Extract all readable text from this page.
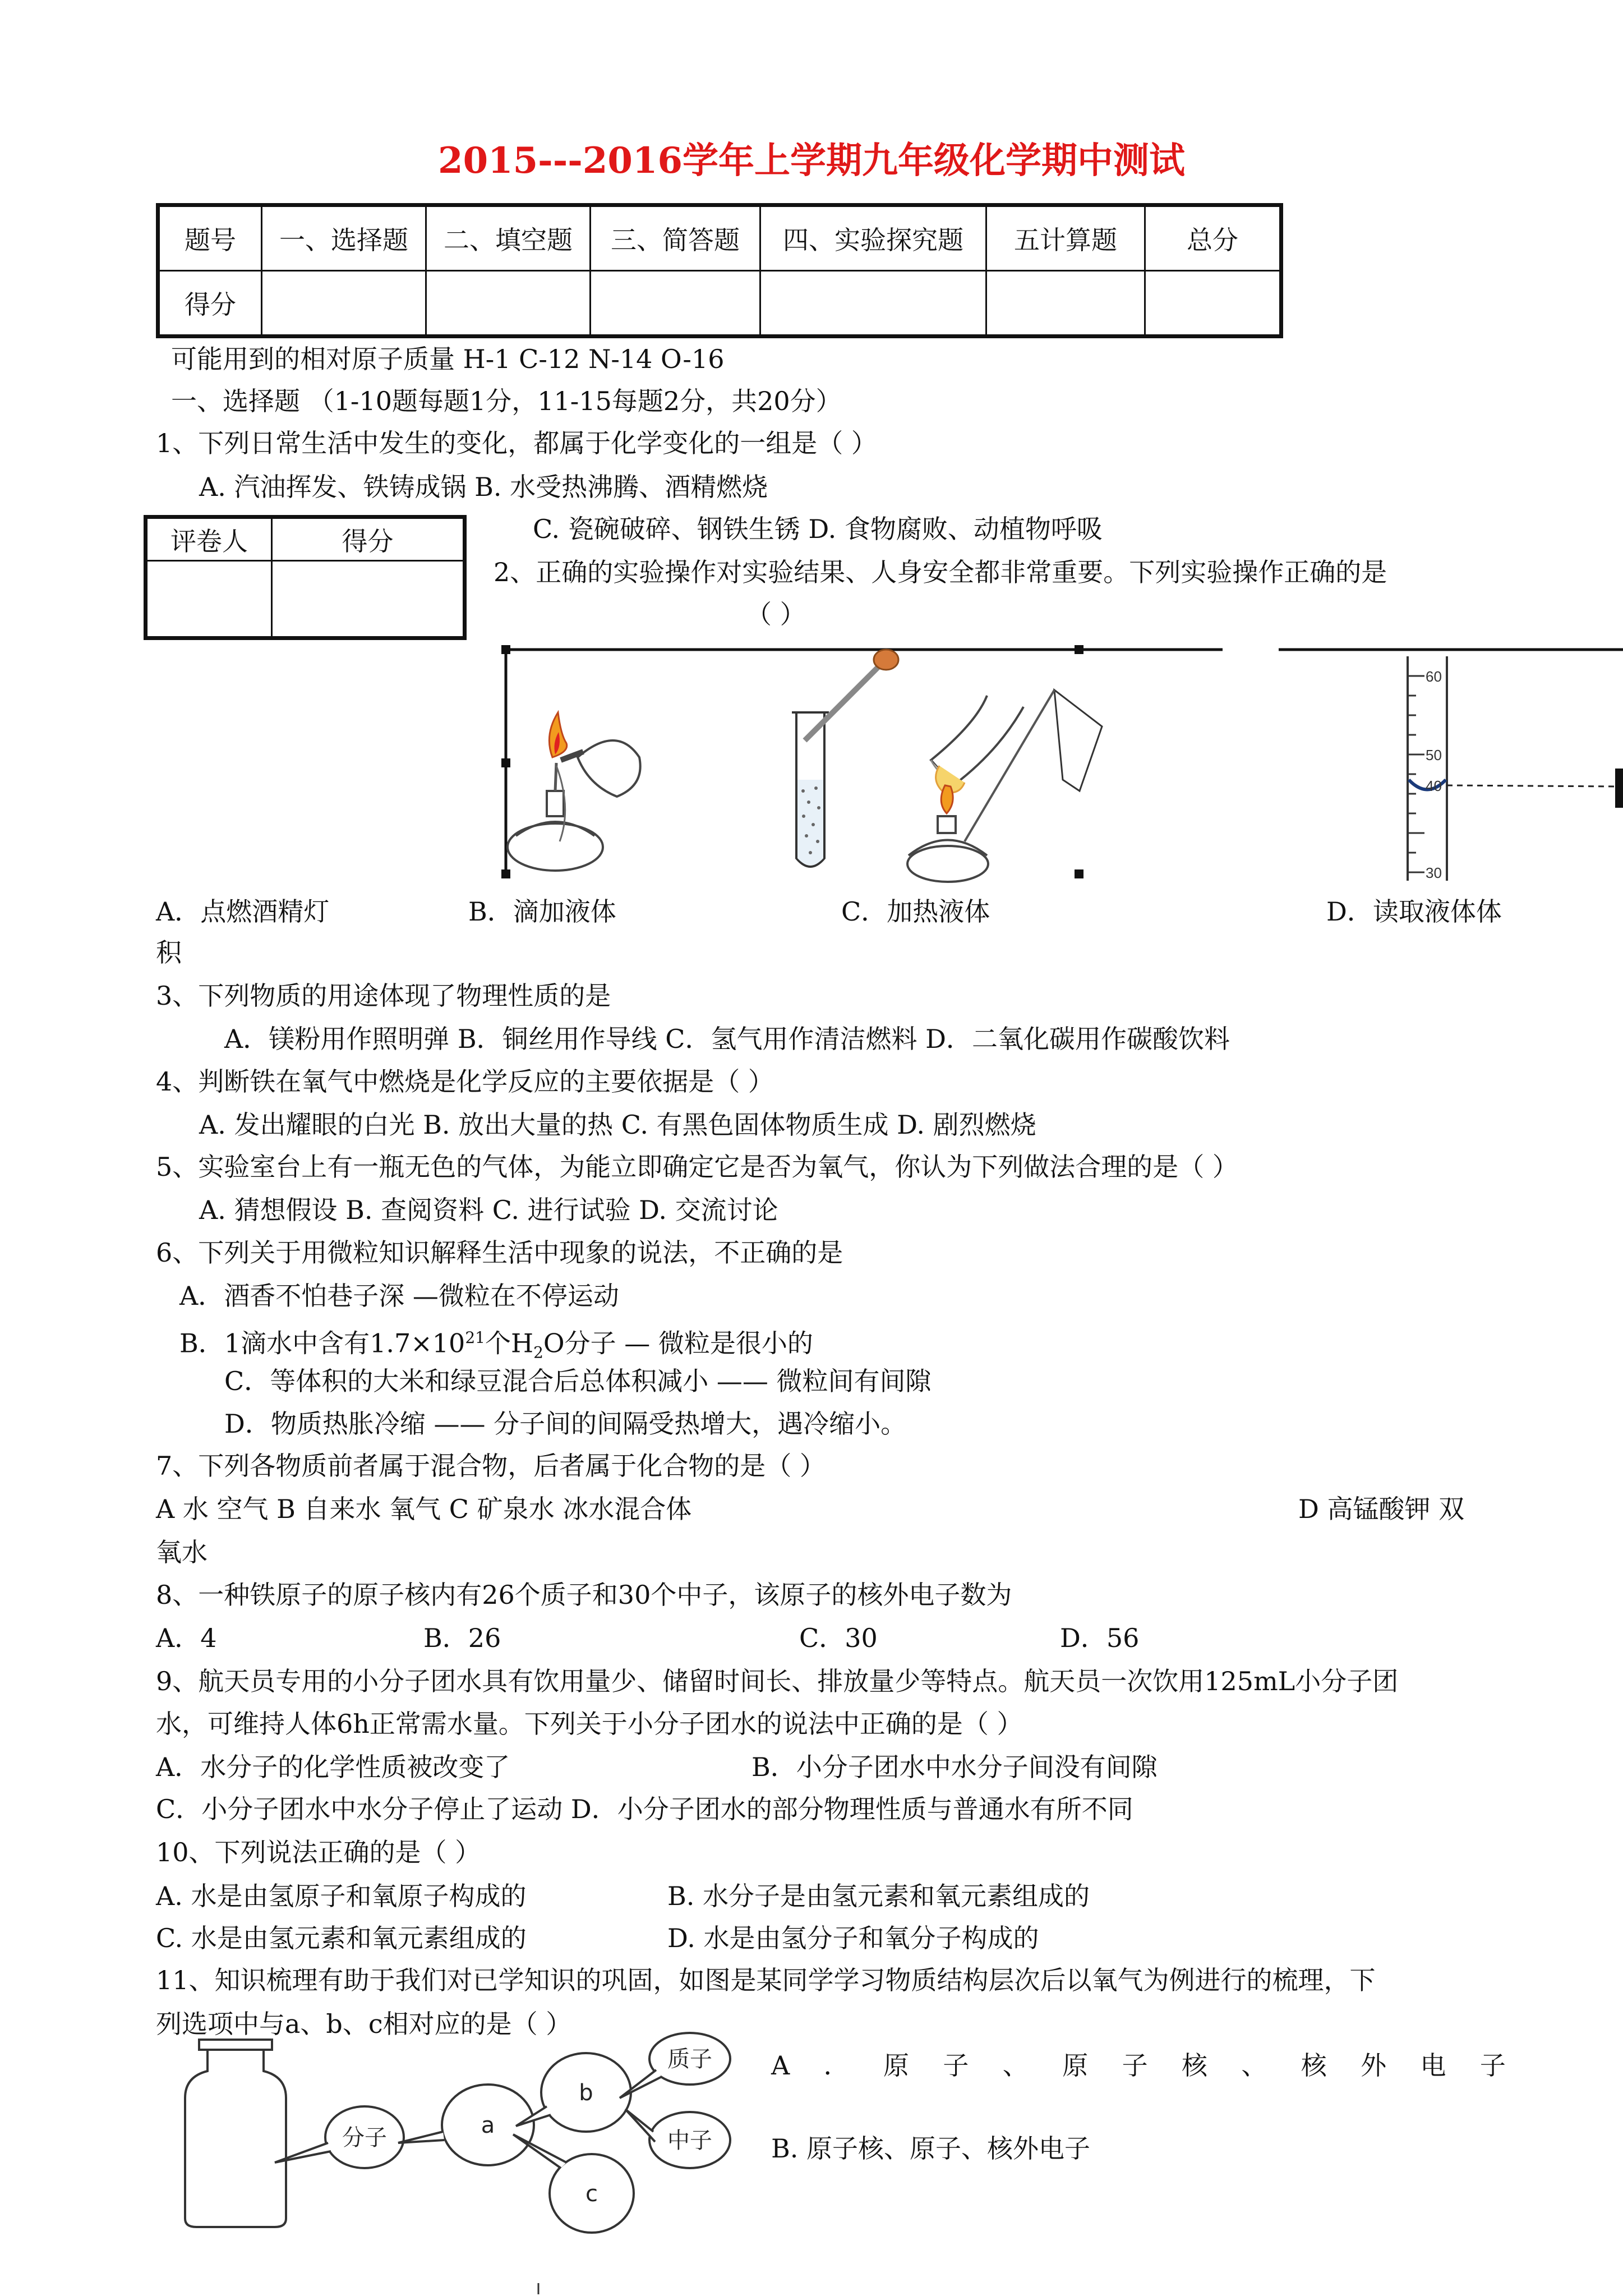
2015---2016学年上学期九年级化学期中测试
题号	一、选择题	二、填空题	三、简答题	四、实验探究题	五计算题	总分
得分						
可能用到的相对原子质量 H-1 C-12 N-14 O-16
一、选择题 （1-10题每题1分，11-15每题2分，共20分）
1、下列日常生活中发生的变化，都属于化学变化的一组是（ ）
A. 汽油挥发、铁铸成锅 B. 水受热沸腾、酒精燃烧
评卷人	得分
		C. 瓷碗破碎、钢铁生锈 D. 食物腐败、动植物呼吸
2、正确的实验操作对实验结果、人身安全都非常重要。下列实验操作正确的是
（ ）
60
50
40
30
A．点燃酒精灯	B．滴加液体	C．加热液体	D．读取液体体
积
3、下列物质的用途体现了物理性质的是
A．镁粉用作照明弹 B．铜丝用作导线 C．氢气用作清洁燃料 D．二氧化碳用作碳酸饮料
4、判断铁在氧气中燃烧是化学反应的主要依据是（ ）
A. 发出耀眼的白光 B. 放出大量的热 C. 有黑色固体物质生成 D. 剧烈燃烧
5、实验室台上有一瓶无色的气体，为能立即确定它是否为氧气，你认为下列做法合理的是（ ）
A. 猜想假设 B. 查阅资料 C. 进行试验 D. 交流讨论
6、下列关于用微粒知识解释生活中现象的说法，不正确的是
A．酒香不怕巷子深 —微粒在不停运动
B．1滴水中含有$1.7\times 10^{21}$个$H_2O$分子 — 微粒是很小的
C．等体积的大米和绿豆混合后总体积减小 —— 微粒间有间隙
D．物质热胀冷缩 —— 分子间的间隔受热增大，遇冷缩小。
7、下列各物质前者属于混合物，后者属于化合物的是（ ）
A 水 空气 B 自来水 氧气 C 矿泉水 冰水混合体	D 高锰酸钾 双
氧水
8、一种铁原子的原子核内有26个质子和30个中子，该原子的核外电子数为
A．4	B．26	C．30	D．56
9、航天员专用的小分子团水具有饮用量少、储留时间长、排放量少等特点。航天员一次饮用125mL小分子团
水，可维持人体6h正常需水量。下列关于小分子团水的说法中正确的是（ ）
A．水分子的化学性质被改变了	B．小分子团水中水分子间没有间隙
C．小分子团水中水分子停止了运动 D．小分子团水的部分物理性质与普通水有所不同
10、下列说法正确的是（ ）
A. 水是由氢原子和氧原子构成的	B. 水分子是由氢元素和氧元素组成的
C. 水是由氢元素和氧元素组成的	D. 水是由氢分子和氧分子构成的
11、知识梳理有助于我们对已学知识的巩固，如图是某同学学习物质结构层次后以氧气为例进行的梳理，下
列选项中与a、b、c相对应的是（ ）
A ． 原 子 、 原 子 核 、 核 外 电 子
B. 原子核、原子、核外电子
分子	a
b
c
质子
中子
